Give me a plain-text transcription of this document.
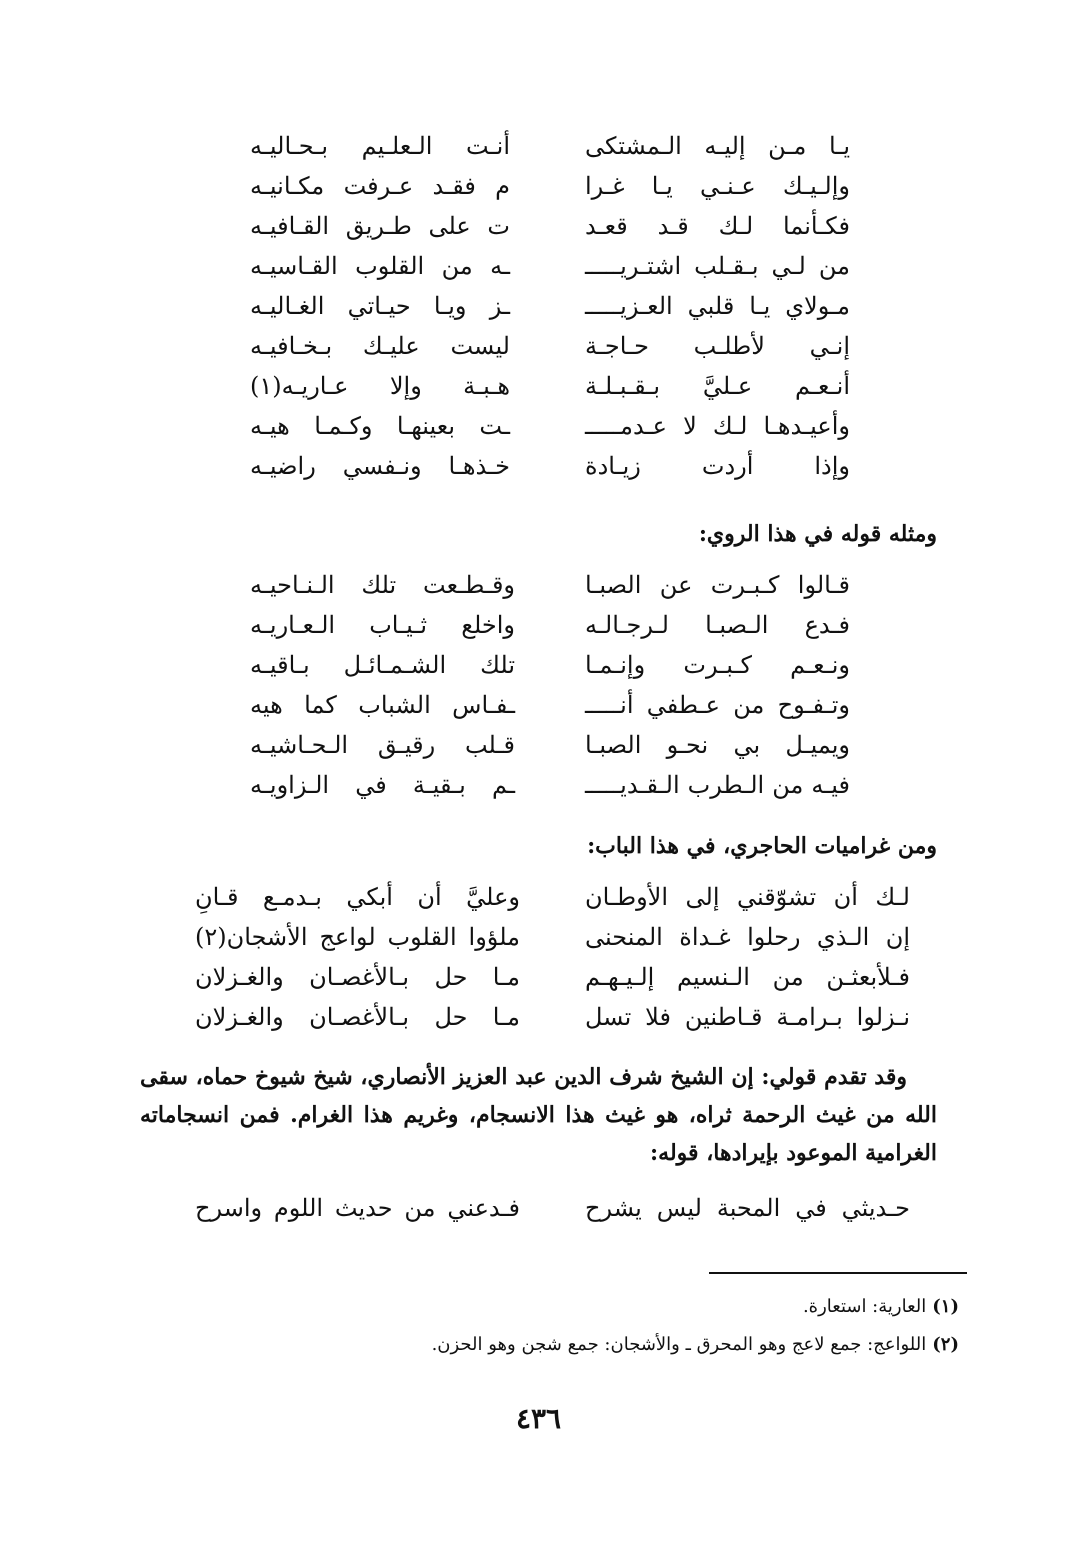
يـا مـن إليـه الـمشتكى
أنـت الـعلـيم بـحـاليـه
وإلـيـك عـنـي يـا غـرا
م فقـد عـرفت مكـانيـه
فكـأنما لـك قـد قعـد
ت على طـريق القـافيـه
من لـي بـقـلب اشتـريـــــ
ـه من القلوب القـاسيـه
مـولاي يـا قلبي العـزيـــــ
ـز ويـا حيـاتي الغـاليـه
إنـي لأطلـب حـاجـة
ليست عليـك بـخـافيـه
أنـعـم عـليَّ بـقـبـلـة
هـبـة وإلا عـاريـه(١)
وأعيـدهـا لـك لا عـدمـــــ
ـت بعينهـا وكـمـا هيـه
وإذا أردت زيـادة
خـذهـا ونـفسي راضيـه

ومثله قوله في هذا الروي:

قـالوا كـبـرت عن الصبـا
وقـطـعت تلك الـنـاحيـه
فـدع الـصبـا لـرجـالـه
واخلع ثـيـاب الـعـاريـه
ونـعـم كـبـرت وإنـمـا
تلك الشـمـائـل بـاقيـه
وتـفـوح من عـطفي أنـــــ
ـفـاس الشباب كما هيه
ويميـل بي نحـو الصبـا
قـلب رقيـق الـحـاشيـه
فيـه من الـطرب الـقـديـــــ
ـم بـقيـة في الـزاويـه

ومن غراميات الحاجري، في هذا الباب:

لـك أن تشوّقني إلى الأوطـان
وعليَّ أن أبكي بـدمـع قـانِ
إن الـذي رحلوا غـداة المنحنى
ملؤوا القلوب لواعج الأشجان(٢)
فـلأبعثـن من الـنسيم إلـيـهـم
مـا حل بـالأغصـان والغـزلان
نـزلوا بـرامـة قـاطنين فلا تسل
مـا حل بـالأغصـان والغـزلان

وقد تقدم قولي: إن الشيخ شرف الدين عبد العزيز الأنصاري، شيخ شيوخ حماه، سقى الله من غيث الرحمة ثراه، هو غيث هذا الانسجام، وغريم هذا الغرام. فمن انسجاماته الغرامية الموعود بإيرادها، قوله:

حـديثي في المحبة ليس يشرح
فـدعني من حديث اللوم واسرح
(١)العارية: استعارة.
(٢)اللواعج: جمع لاعج وهو المحرق ـ والأشجان: جمع شجن وهو الحزن.
٤٣٦
